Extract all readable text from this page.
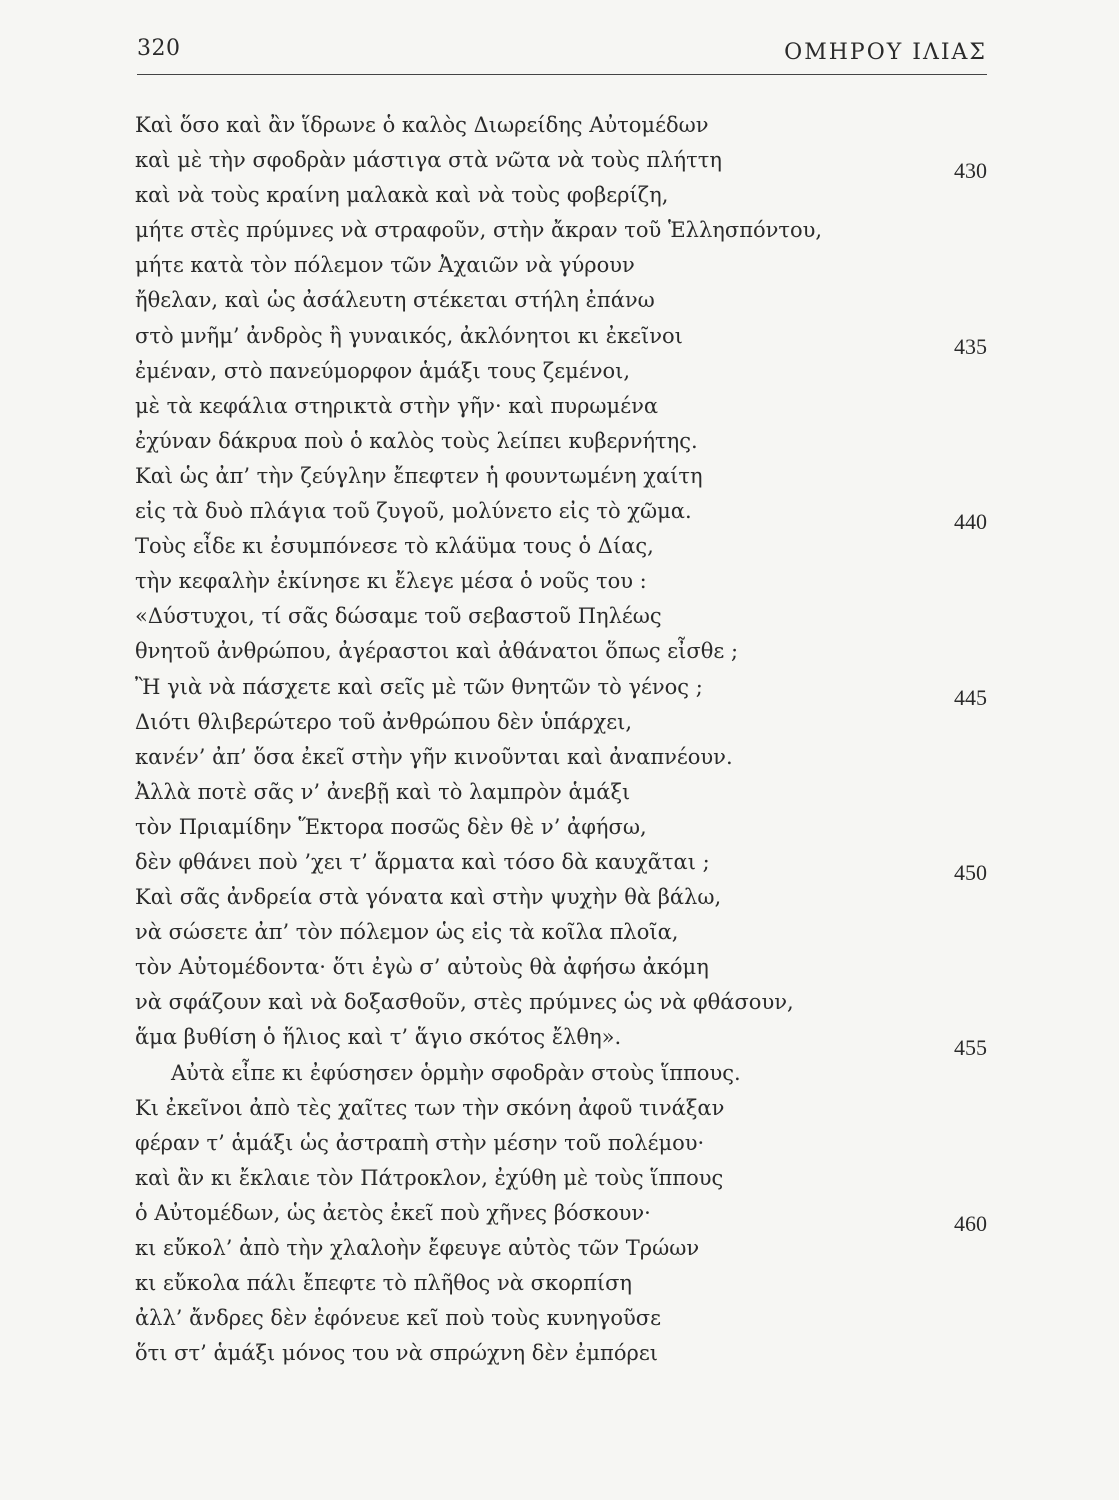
320	ΟΜΗΡΟΥ ΙΛΙΑΣ
Καὶ ὅσο καὶ ἂν ἵδρωνε ὁ καλὸς Διωρείδης Αὐτομέδων
καὶ μὲ τὴν σφοδρὰν μάστιγα στὰ νῶτα νὰ τοὺς πλήττη	430
καὶ νὰ τοὺς κραίνη μαλακὰ καὶ νὰ τοὺς φοβερίζη,
μήτε στὲς πρύμνες νὰ στραφοῦν, στὴν ἄκραν τοῦ Ἑλλησπόντου,
μήτε κατὰ τὸν πόλεμον τῶν Ἀχαιῶν νὰ γύρουν
ἤθελαν, καὶ ὡς ἀσάλευτη στέκεται στήλη ἐπάνω
στὸ μνῆμ’ ἀνδρὸς ἢ γυναικός, ἀκλόνητοι κι ἐκεῖνοι	435
ἐμέναν, στὸ πανεύμορφον ἁμάξι τους ζεμένοι,
μὲ τὰ κεφάλια στηρικτὰ στὴν γῆν· καὶ πυρωμένα
ἐχύναν δάκρυα ποὺ ὁ καλὸς τοὺς λείπει κυβερνήτης.
Καὶ ὡς ἀπ’ τὴν ζεύγλην ἔπεφτεν ἡ φουντωμένη χαίτη
εἰς τὰ δυὸ πλάγια τοῦ ζυγοῦ, μολύνετο εἰς τὸ χῶμα.	440
Τοὺς εἶδε κι ἐσυμπόνεσε τὸ κλάϋμα τους ὁ Δίας,
τὴν κεφαλὴν ἐκίνησε κι ἔλεγε μέσα ὁ νοῦς του :
«Δύστυχοι, τί σᾶς δώσαμε τοῦ σεβαστοῦ Πηλέως
θνητοῦ ἀνθρώπου, ἀγέραστοι καὶ ἀθάνατοι ὅπως εἶσθε ;
Ἢ γιὰ νὰ πάσχετε καὶ σεῖς μὲ τῶν θνητῶν τὸ γένος ;	445
Διότι θλιβερώτερο τοῦ ἀνθρώπου δὲν ὑπάρχει,
κανέν’ ἀπ’ ὅσα ἐκεῖ στὴν γῆν κινοῦνται καὶ ἀναπνέουν.
Ἀλλὰ ποτὲ σᾶς ν’ ἀνεβῇ καὶ τὸ λαμπρὸν ἁμάξι
τὸν Πριαμίδην Ἕκτορα ποσῶς δὲν θὲ ν’ ἀφήσω,
δὲν φθάνει ποὺ ’χει τ’ ἅρματα καὶ τόσο δὰ καυχᾶται ;	450
Καὶ σᾶς ἀνδρεία στὰ γόνατα καὶ στὴν ψυχὴν θὰ βάλω,
νὰ σώσετε ἀπ’ τὸν πόλεμον ὡς εἰς τὰ κοῖλα πλοῖα,
τὸν Αὐτομέδοντα· ὅτι ἐγὼ σ’ αὐτοὺς θὰ ἀφήσω ἀκόμη
νὰ σφάζουν καὶ νὰ δοξασθοῦν, στὲς πρύμνες ὡς νὰ φθάσουν,
ἅμα βυθίση ὁ ἥλιος καὶ τ’ ἅγιο σκότος ἔλθη».	455
Αὐτὰ εἶπε κι ἐφύσησεν ὁρμὴν σφοδρὰν στοὺς ἵππους.
Κι ἐκεῖνοι ἀπὸ τὲς χαῖτες των τὴν σκόνη ἀφοῦ τινάξαν
φέραν τ’ ἁμάξι ὡς ἀστραπὴ στὴν μέσην τοῦ πολέμου·
καὶ ἂν κι ἔκλαιε τὸν Πάτροκλον, ἐχύθη μὲ τοὺς ἵππους
ὁ Αὐτομέδων, ὡς ἀετὸς ἐκεῖ ποὺ χῆνες βόσκουν·	460
κι εὔκολ’ ἀπὸ τὴν χλαλοὴν ἔφευγε αὐτὸς τῶν Τρώων
κι εὔκολα πάλι ἔπεφτε τὸ πλῆθος νὰ σκορπίση
ἀλλ’ ἄνδρες δὲν ἐφόνευε κεῖ ποὺ τοὺς κυνηγοῦσε
ὅτι στ’ ἁμάξι μόνος του νὰ σπρώχνη δὲν ἐμπόρει
